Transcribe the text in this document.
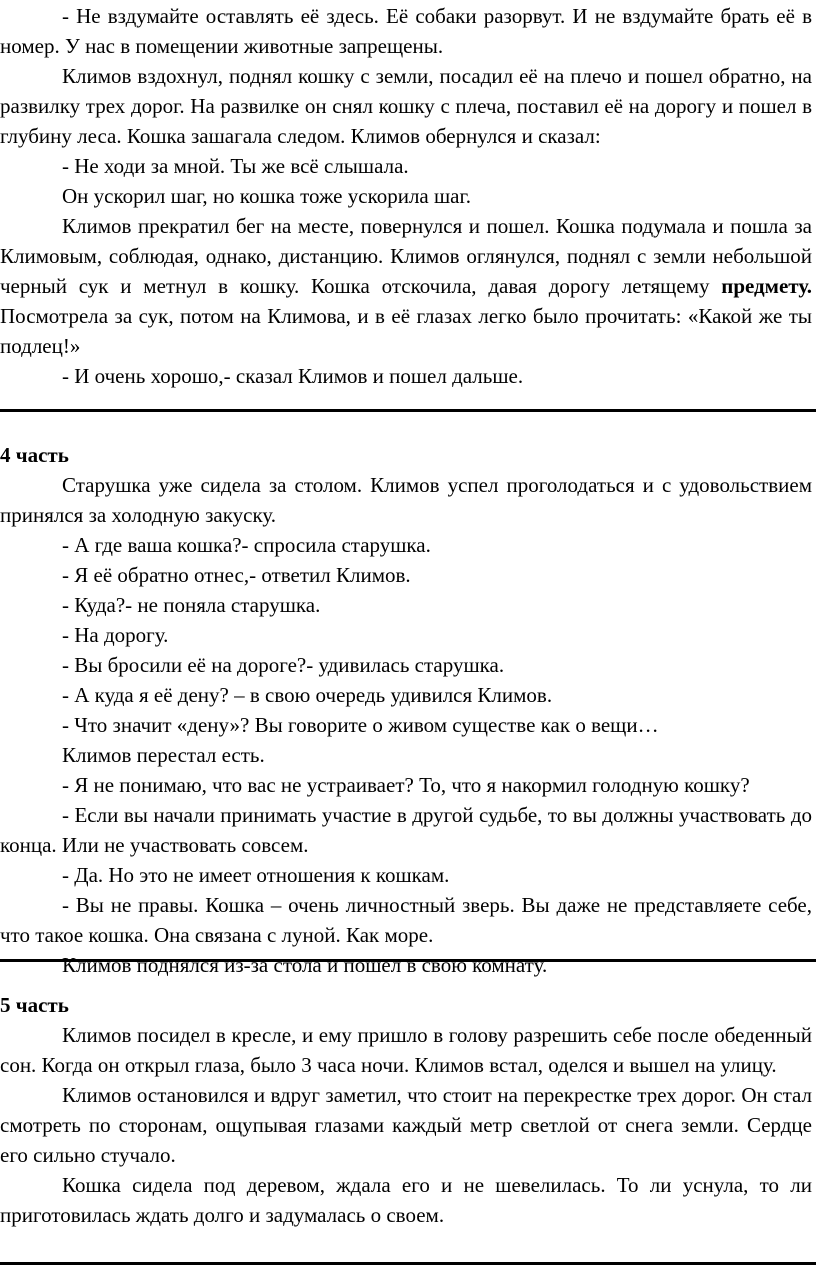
- Не вздумайте оставлять её здесь. Её собаки разорвут. И не вздумайте брать её в номер. У нас в помещении животные запрещены.

Климов вздохнул, поднял кошку с земли, посадил её на плечо и пошел обратно, на развилку трех дорог. На развилке он снял кошку с плеча, поставил её на дорогу и пошел в глубину леса. Кошка зашагала следом. Климов обернулся и сказал:

- Не ходи за мной. Ты же всё слышала.

Он ускорил шаг, но кошка тоже ускорила шаг.

Климов прекратил бег на месте, повернулся и пошел. Кошка подумала и пошла за Климовым, соблюдая, однако, дистанцию. Климов оглянулся, поднял с земли небольшой черный сук и метнул в кошку. Кошка отскочила, давая дорогу летящему предмету. Посмотрела за сук, потом на Климова, и в её глазах легко было прочитать: «Какой же ты подлец!»

- И очень хорошо,- сказал Климов и пошел дальше.

4 часть

Старушка уже сидела за столом. Климов успел проголодаться и с удовольствием принялся за холодную закуску.

- А где ваша кошка?- спросила старушка.

- Я её обратно отнес,- ответил Климов.

- Куда?- не поняла старушка.

- На дорогу.

- Вы бросили её на дороге?- удивилась старушка.

- А куда я её дену? – в свою очередь удивился Климов.

- Что значит «дену»? Вы говорите о живом существе как о вещи…

Климов перестал есть.

- Я не понимаю, что вас не устраивает? То, что я накормил голодную кошку?

- Если вы начали принимать участие в другой судьбе, то вы должны участвовать до конца. Или не участвовать совсем.

- Да. Но это не имеет отношения к кошкам.

- Вы не правы. Кошка – очень личностный зверь. Вы даже не представляете себе, что такое кошка. Она связана с луной. Как море.

Климов поднялся из-за стола и пошел в свою комнату.

5 часть

Климов посидел в кресле, и ему пришло в голову разрешить себе после обеденный сон. Когда он открыл глаза, было 3 часа ночи. Климов встал, оделся и вышел на улицу.

Климов остановился и вдруг заметил, что стоит на перекрестке трех дорог. Он стал смотреть по сторонам, ощупывая глазами каждый метр светлой от снега земли. Сердце его сильно стучало.

Кошка сидела под деревом, ждала его и не шевелилась. То ли уснула, то ли приготовилась ждать долго и задумалась о своем.
